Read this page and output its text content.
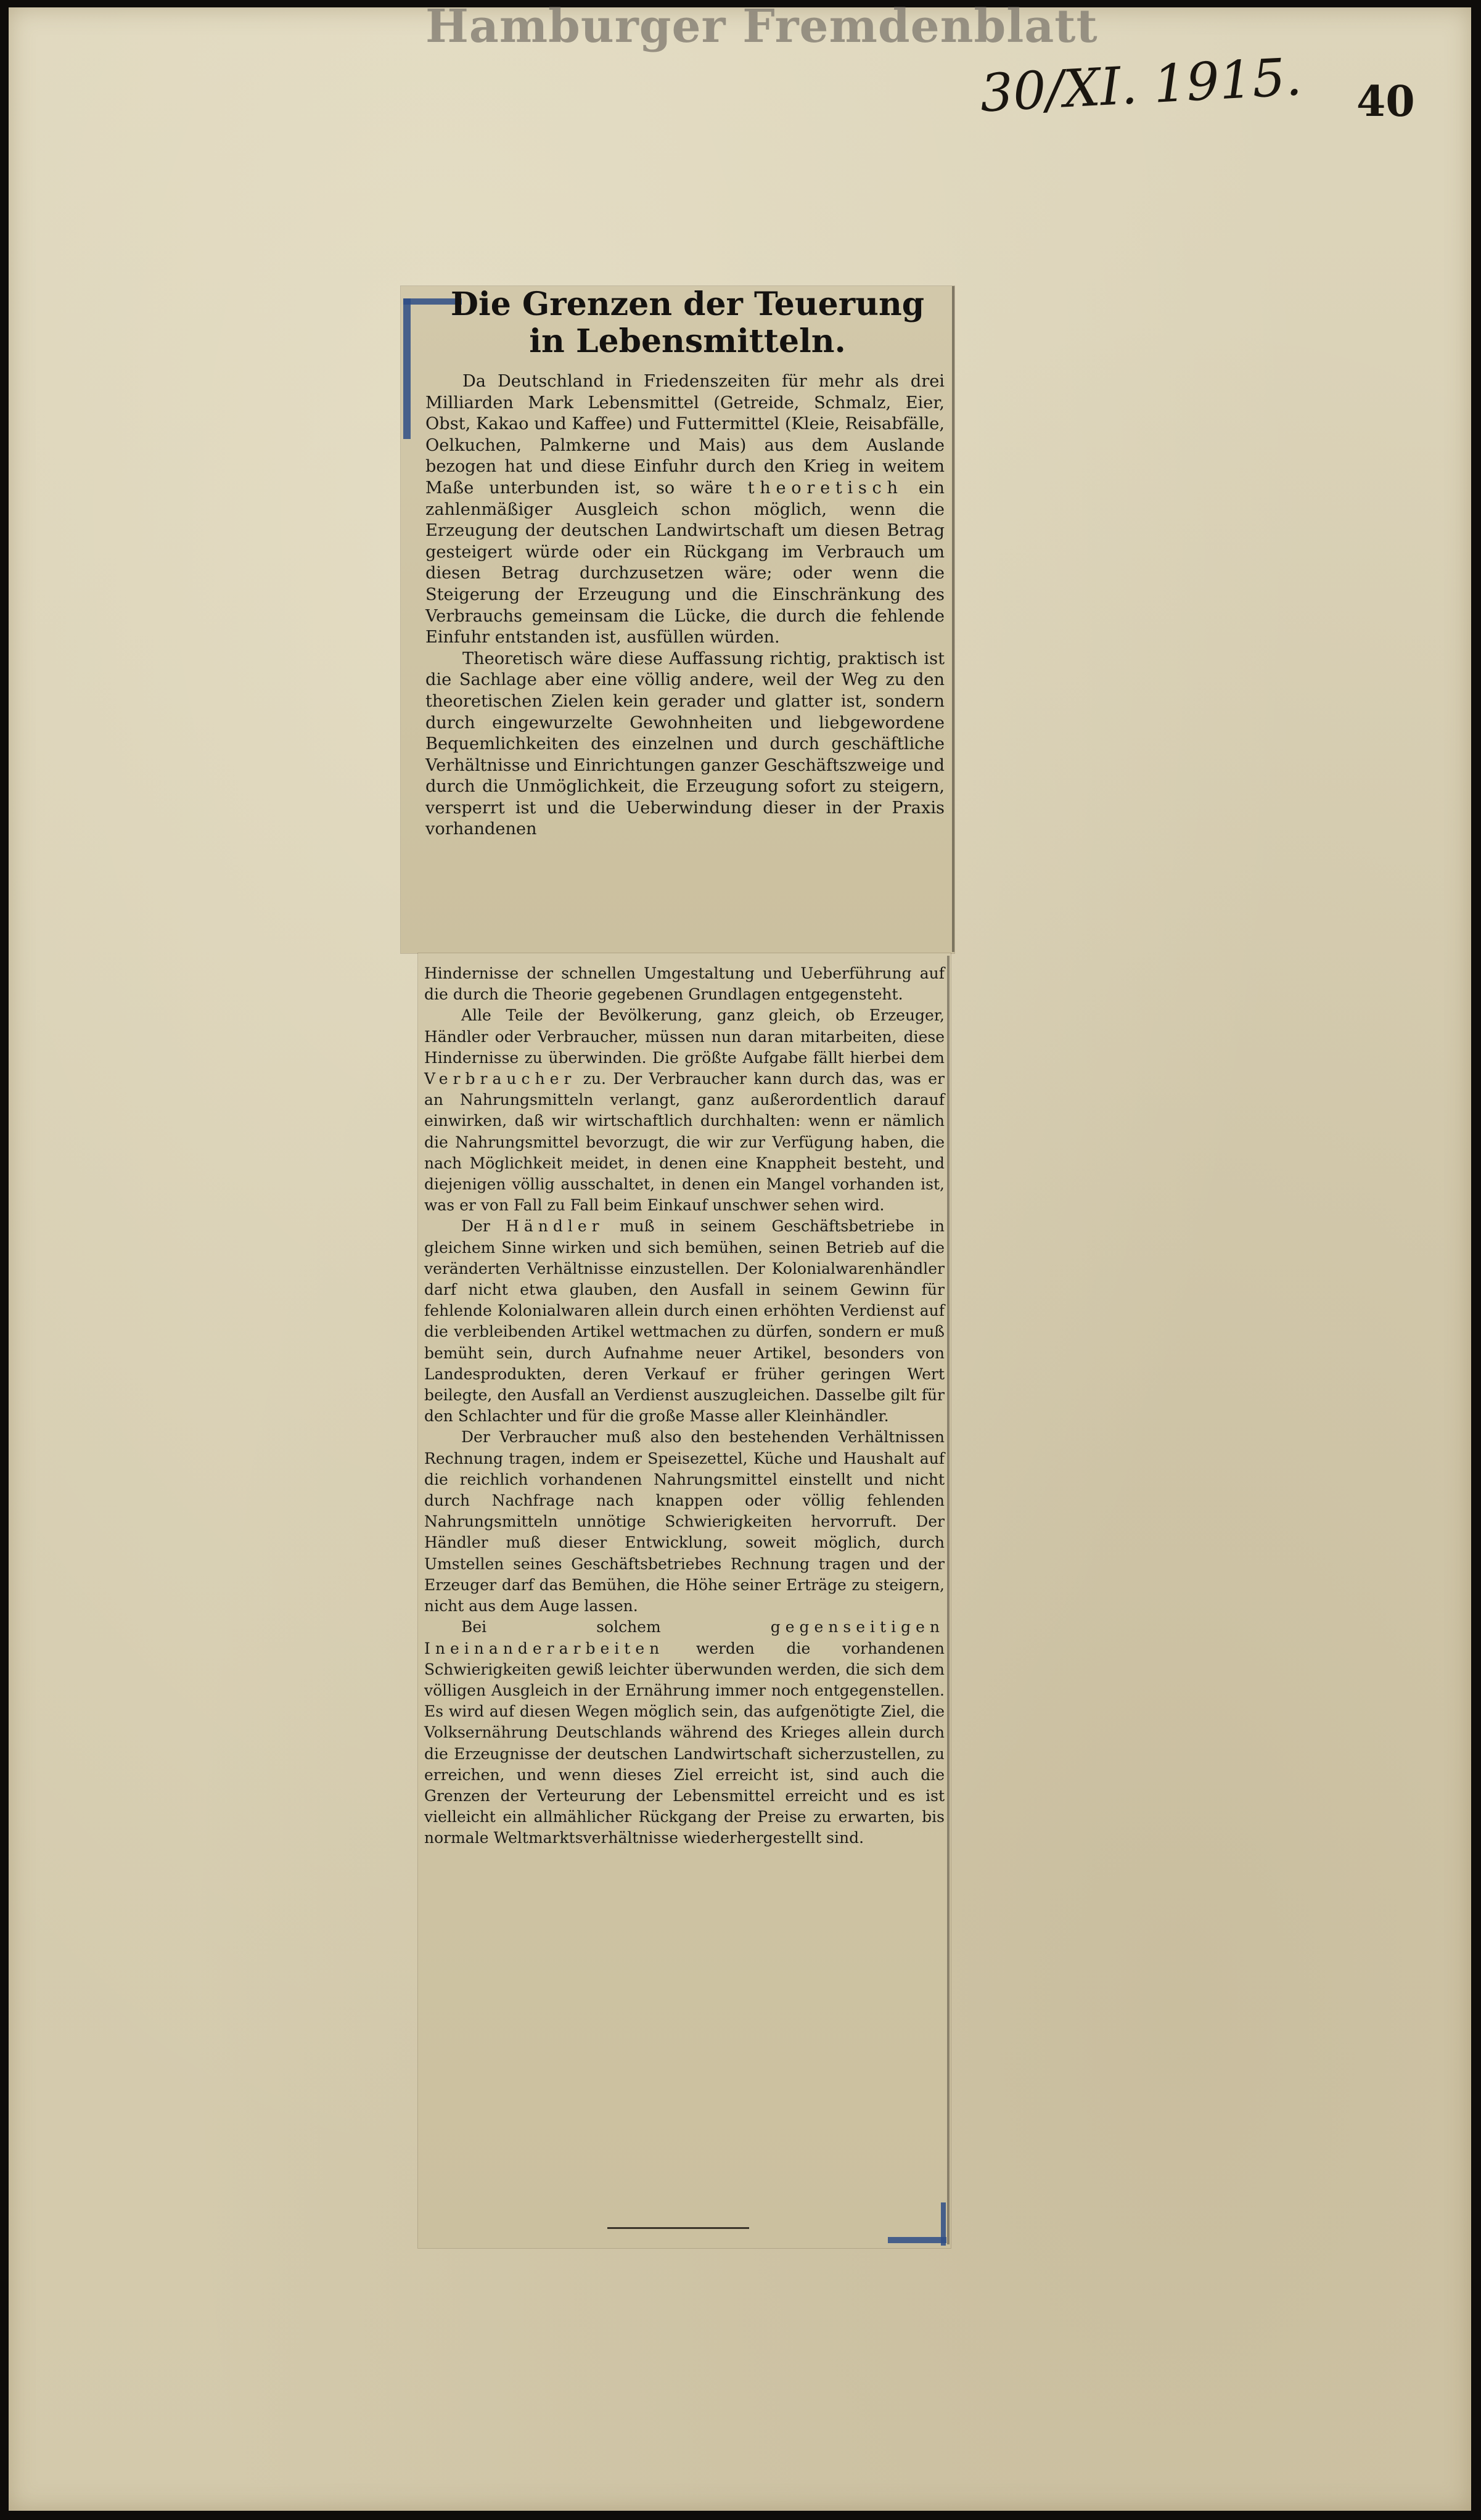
Hamburger Fremdenblatt
30/XI. 1915. 40
Die Grenzen der Teuerung
in Lebensmitteln.

Da Deutschland in Friedenszeiten für mehr als drei Milliarden Mark Lebensmittel (Getreide, Schmalz, Eier, Obst, Kakao und Kaffee) und Futtermittel (Kleie, Reisabfälle, Oelkuchen, Palmkerne und Mais) aus dem Auslande bezogen hat und diese Einfuhr durch den Krieg in weitem Maße unterbunden ist, so wäre theoretisch ein zahlenmäßiger Ausgleich schon möglich, wenn die Erzeugung der deutschen Landwirtschaft um diesen Betrag gesteigert würde oder ein Rückgang im Verbrauch um diesen Betrag durchzusetzen wäre; oder wenn die Steigerung der Erzeugung und die Einschränkung des Verbrauchs gemeinsam die Lücke, die durch die fehlende Einfuhr entstanden ist, ausfüllen würden.

Theoretisch wäre diese Auffassung richtig, praktisch ist die Sachlage aber eine völlig andere, weil der Weg zu den theoretischen Zielen kein gerader und glatter ist, sondern durch eingewurzelte Gewohnheiten und liebgewordene Bequemlichkeiten des einzelnen und durch geschäftliche Verhältnisse und Einrichtungen ganzer Geschäftszweige und durch die Unmöglichkeit, die Erzeugung sofort zu steigern, versperrt ist und die Ueberwindung dieser in der Praxis vorhandenen

Hindernisse der schnellen Umgestaltung und Ueberführung auf die durch die Theorie gegebenen Grundlagen entgegensteht.

Alle Teile der Bevölkerung, ganz gleich, ob Erzeuger, Händler oder Verbraucher, müssen nun daran mitarbeiten, diese Hindernisse zu überwinden. Die größte Aufgabe fällt hierbei dem Verbraucher zu. Der Verbraucher kann durch das, was er an Nahrungsmitteln verlangt, ganz außerordentlich darauf einwirken, daß wir wirtschaftlich durchhalten: wenn er nämlich die Nahrungsmittel bevorzugt, die wir zur Verfügung haben, die nach Möglichkeit meidet, in denen eine Knappheit besteht, und diejenigen völlig ausschaltet, in denen ein Mangel vorhanden ist, was er von Fall zu Fall beim Einkauf unschwer sehen wird.

Der Händler muß in seinem Geschäftsbetriebe in gleichem Sinne wirken und sich bemühen, seinen Betrieb auf die veränderten Verhältnisse einzustellen. Der Kolonialwarenhändler darf nicht etwa glauben, den Ausfall in seinem Gewinn für fehlende Kolonialwaren allein durch einen erhöhten Verdienst auf die verbleibenden Artikel wettmachen zu dürfen, sondern er muß bemüht sein, durch Aufnahme neuer Artikel, besonders von Landesprodukten, deren Verkauf er früher geringen Wert beilegte, den Ausfall an Verdienst auszugleichen. Dasselbe gilt für den Schlachter und für die große Masse aller Kleinhändler.

Der Verbraucher muß also den bestehenden Verhältnissen Rechnung tragen, indem er Speisezettel, Küche und Haushalt auf die reichlich vorhandenen Nahrungsmittel einstellt und nicht durch Nachfrage nach knappen oder völlig fehlenden Nahrungsmitteln unnötige Schwierigkeiten hervorruft. Der Händler muß dieser Entwicklung, soweit möglich, durch Umstellen seines Geschäftsbetriebes Rechnung tragen und der Erzeuger darf das Bemühen, die Höhe seiner Erträge zu steigern, nicht aus dem Auge lassen.

Bei solchem	gegenseitigen Ineinanderarbeiten werden die vorhandenen Schwierigkeiten gewiß leichter überwunden werden, die sich dem völligen Ausgleich in der Ernährung immer noch entgegenstellen. Es wird auf diesen Wegen möglich sein, das aufgenötigte Ziel, die Volksernährung Deutschlands während des Krieges allein durch die Erzeugnisse der deutschen Landwirtschaft sicherzustellen, zu erreichen, und wenn dieses Ziel erreicht ist, sind auch die Grenzen der Verteurung der Lebensmittel erreicht und es ist vielleicht ein allmählicher Rückgang der Preise zu erwarten, bis normale Weltmarktsverhältnisse wiederhergestellt sind.
